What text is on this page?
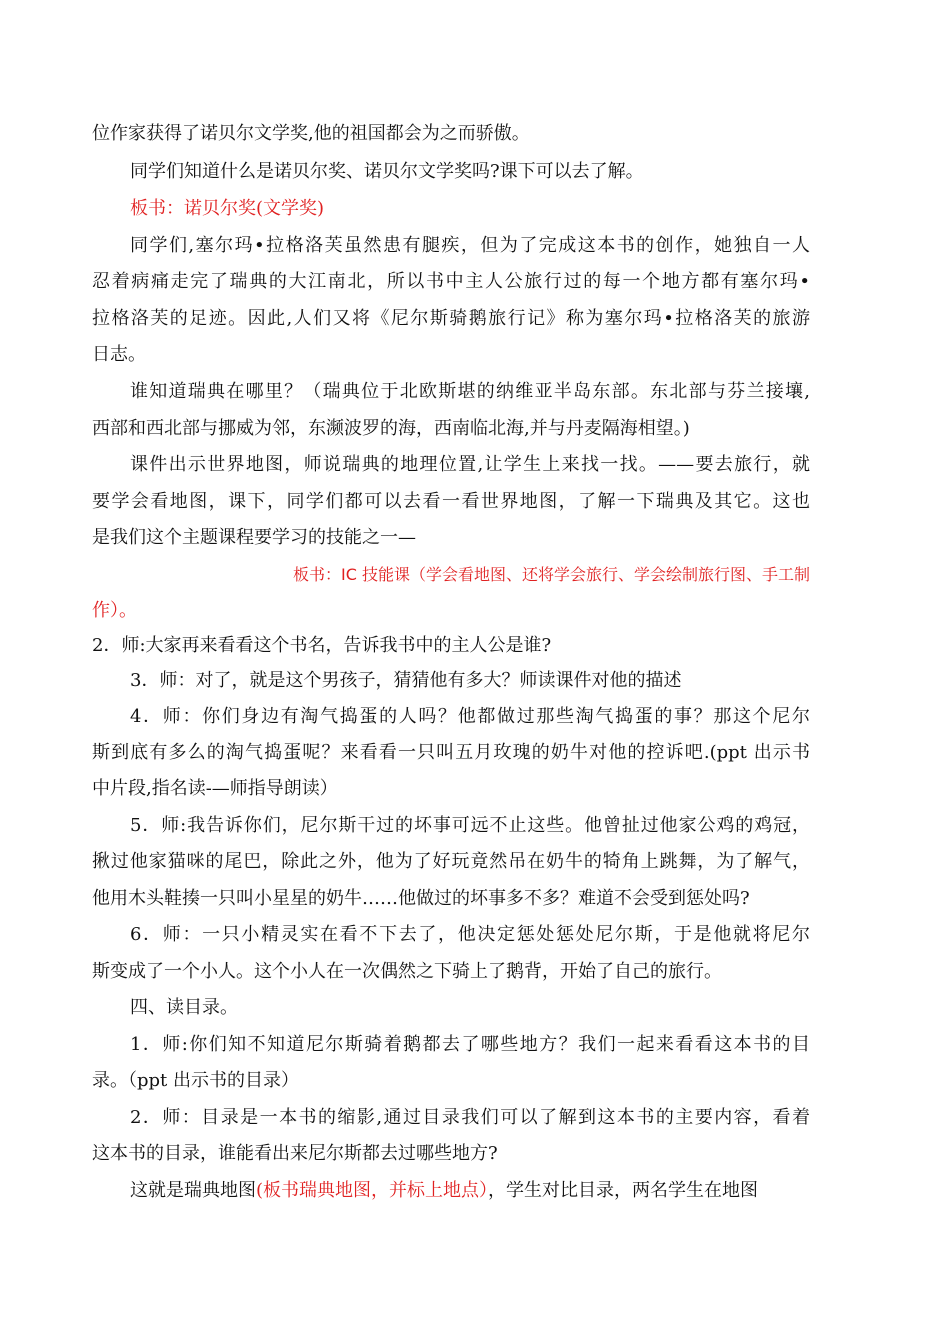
位作家获得了诺贝尔文学奖,他的祖国都会为之而骄傲。
同学们知道什么是诺贝尔奖、诺贝尔文学奖吗?课下可以去了解。
板书：诺贝尔奖(文学奖)
同学们,塞尔玛•拉格洛芙虽然患有腿疾，但为了完成这本书的创作，她独自一人
忍着病痛走完了瑞典的大江南北，所以书中主人公旅行过的每一个地方都有塞尔玛•
拉格洛芙的足迹。因此,人们又将《尼尔斯骑鹅旅行记》称为塞尔玛•拉格洛芙的旅游
日志。
谁知道瑞典在哪里？（瑞典位于北欧斯堪的纳维亚半岛东部。东北部与芬兰接壤,
西部和西北部与挪威为邻，东濒波罗的海，西南临北海,并与丹麦隔海相望。)
课件出示世界地图，师说瑞典的地理位置,让学生上来找一找。——要去旅行，就
要学会看地图，课下，同学们都可以去看一看世界地图，了解一下瑞典及其它。这也
是我们这个主题课程要学习的技能之一—
板书：IC 技能课（学会看地图、还将学会旅行、学会绘制旅行图、手工制
作）。
2．师:大家再来看看这个书名，告诉我书中的主人公是谁?
3．师：对了，就是这个男孩子，猜猜他有多大？师读课件对他的描述
4．师：你们身边有淘气捣蛋的人吗？他都做过那些淘气捣蛋的事？那这个尼尔
斯到底有多么的淘气捣蛋呢？来看看一只叫五月玫瑰的奶牛对他的控诉吧.(ppt 出示书
中片段,指名读-—师指导朗读）
5．师:我告诉你们，尼尔斯干过的坏事可远不止这些。他曾扯过他家公鸡的鸡冠，
揪过他家猫咪的尾巴，除此之外，他为了好玩竟然吊在奶牛的犄角上跳舞，为了解气，
他用木头鞋揍一只叫小星星的奶牛……他做过的坏事多不多？难道不会受到惩处吗?
6．师：一只小精灵实在看不下去了，他决定惩处惩处尼尔斯，于是他就将尼尔
斯变成了一个小人。这个小人在一次偶然之下骑上了鹅背，开始了自己的旅行。
四、读目录。
1．师:你们知不知道尼尔斯骑着鹅都去了哪些地方？我们一起来看看这本书的目
录。（ppt 出示书的目录）
2．师：目录是一本书的缩影,通过目录我们可以了解到这本书的主要内容，看着
这本书的目录，谁能看出来尼尔斯都去过哪些地方?
这就是瑞典地图(板书瑞典地图，并标上地点），学生对比目录，两名学生在地图
